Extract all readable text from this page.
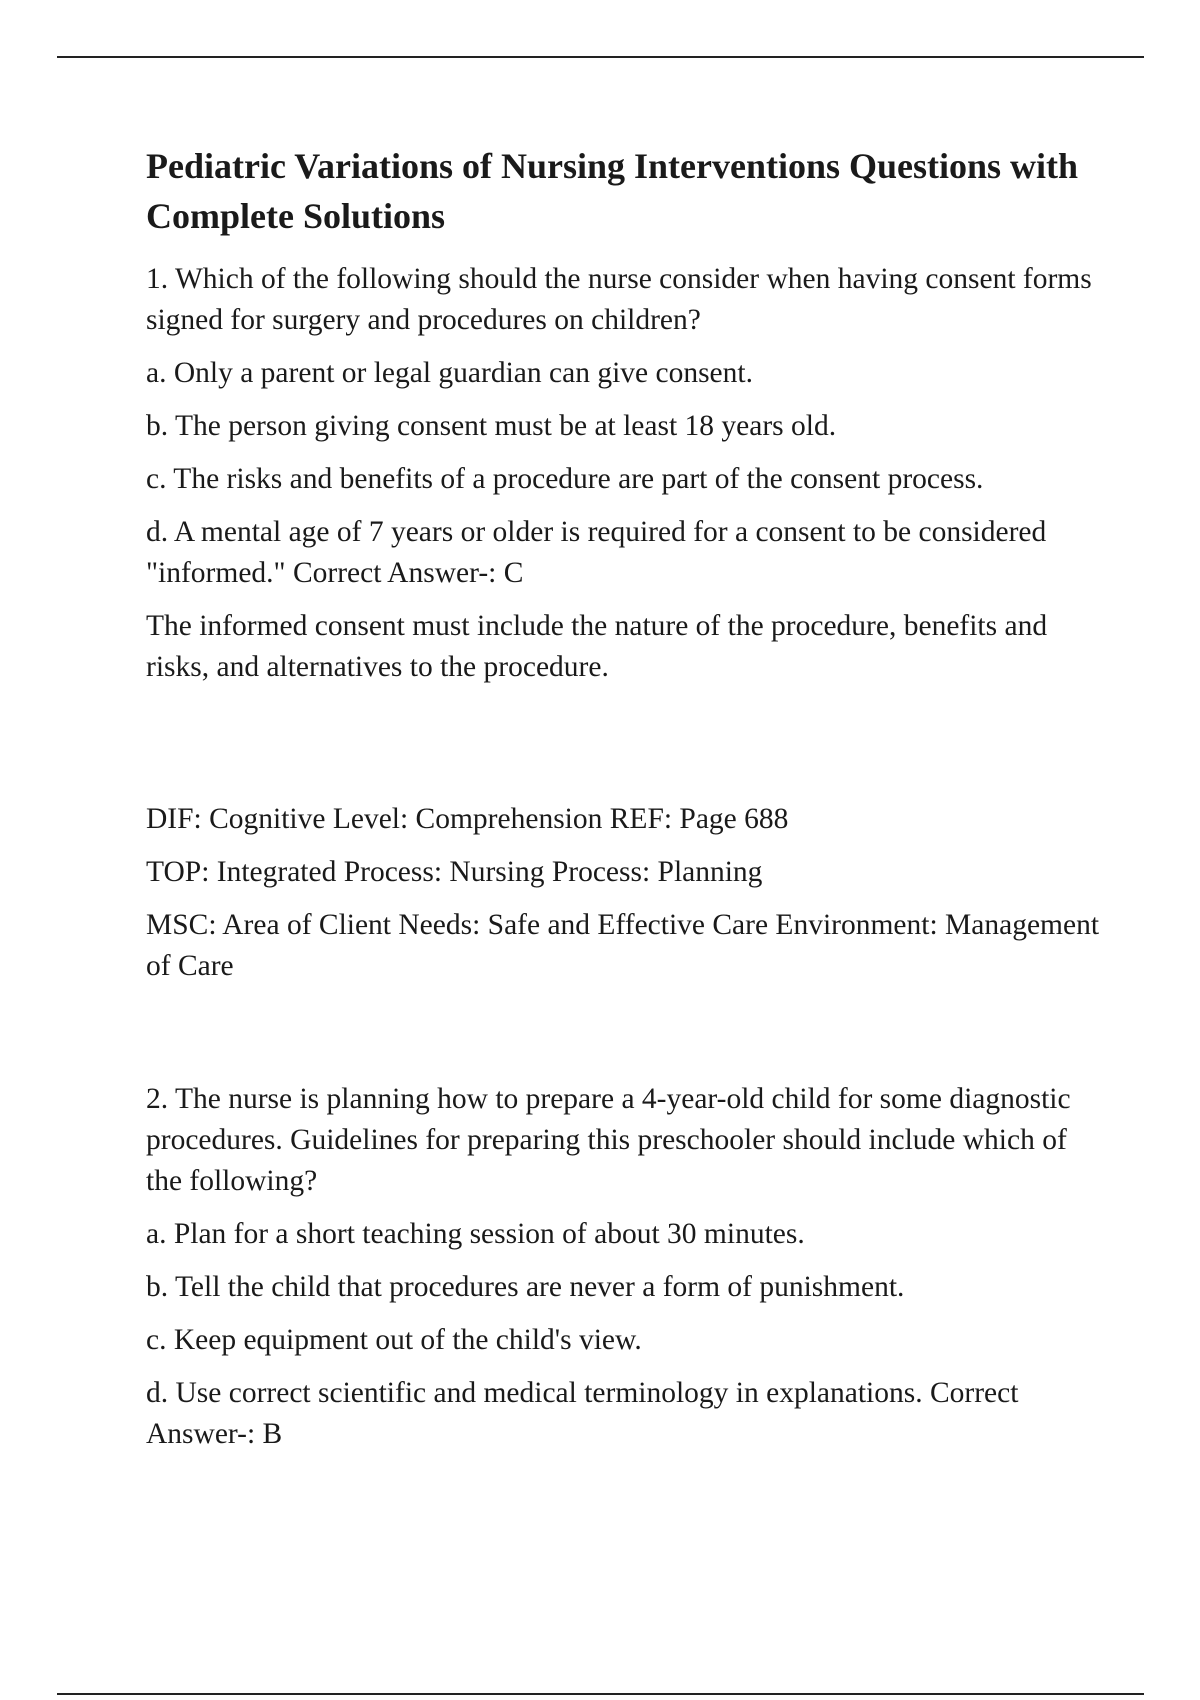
Pediatric Variations of Nursing Interventions Questions with Complete Solutions

1. Which of the following should the nurse consider when having consent forms signed for surgery and procedures on children?

a. Only a parent or legal guardian can give consent.

b. The person giving consent must be at least 18 years old.

c. The risks and benefits of a procedure are part of the consent process.

d. A mental age of 7 years or older is required for a consent to be considered "informed." Correct Answer-: C

The informed consent must include the nature of the procedure, benefits and risks, and alternatives to the procedure.

DIF: Cognitive Level: Comprehension REF: Page 688

TOP: Integrated Process: Nursing Process: Planning

MSC: Area of Client Needs: Safe and Effective Care Environment: Management of Care

2. The nurse is planning how to prepare a 4-year-old child for some diagnostic procedures. Guidelines for preparing this preschooler should include which of the following?

a. Plan for a short teaching session of about 30 minutes.

b. Tell the child that procedures are never a form of punishment.

c. Keep equipment out of the child's view.

d. Use correct scientific and medical terminology in explanations. Correct Answer-: B
